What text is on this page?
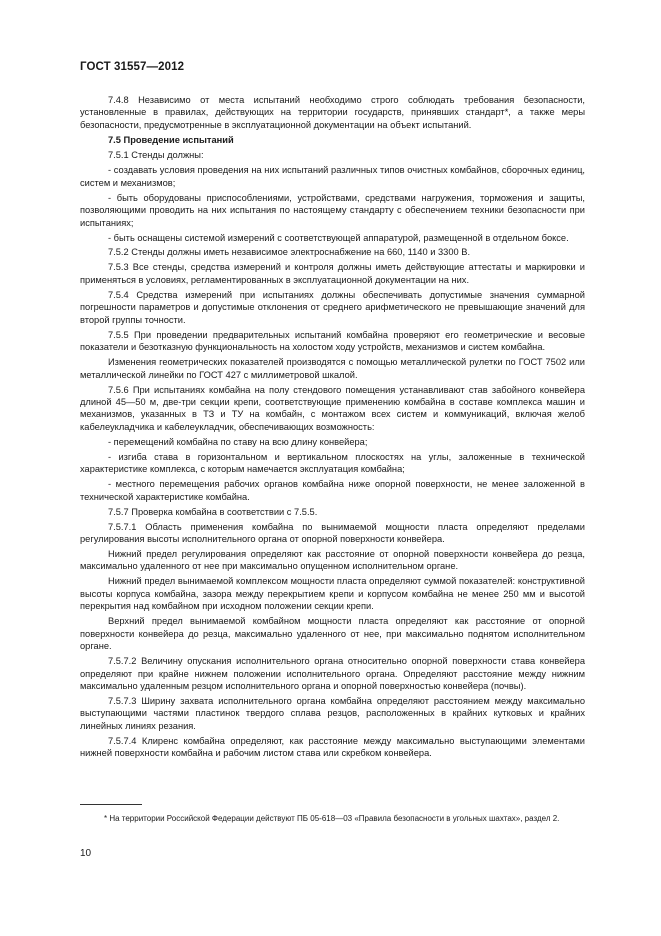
ГОСТ 31557—2012

7.4.8 Независимо от места испытаний необходимо строго соблюдать требования безопасности, установленные в правилах, действующих на территории государств, принявших стандарт*, а также меры безопасности, предусмотренные в эксплуатационной документации на объект испытаний.

7.5 Проведение испытаний

7.5.1 Стенды должны:

- создавать условия проведения на них испытаний различных типов очистных комбайнов, сборочных единиц, систем и механизмов;

- быть оборудованы приспособлениями, устройствами, средствами нагружения, торможения и защиты, позволяющими проводить на них испытания по настоящему стандарту с обеспечением техники безопасности при испытаниях;

- быть оснащены системой измерений с соответствующей аппаратурой, размещенной в отдельном боксе.

7.5.2 Стенды должны иметь независимое электроснабжение на 660, 1140 и 3300 В.

7.5.3 Все стенды, средства измерений и контроля должны иметь действующие аттестаты и маркировки и применяться в условиях, регламентированных в эксплуатационной документации на них.

7.5.4 Средства измерений при испытаниях должны обеспечивать допустимые значения суммарной погрешности параметров и допустимые отклонения от среднего арифметического не превышающие значений для второй группы точности.

7.5.5 При проведении предварительных испытаний комбайна проверяют его геометрические и весовые показатели и безотказную функциональность на холостом ходу устройств, механизмов и систем комбайна.

Изменения геометрических показателей производятся с помощью металлической рулетки по ГОСТ 7502 или металлической линейки по ГОСТ 427 с миллиметровой шкалой.

7.5.6 При испытаниях комбайна на полу стендового помещения устанавливают став забойного конвейера длиной 45—50 м, две-три секции крепи, соответствующие применению комбайна в составе комплекса машин и механизмов, указанных в ТЗ и ТУ на комбайн, с монтажом всех систем и коммуникаций, включая желоб кабелеукладчика и кабелеукладчик, обеспечивающих возможность:

- перемещений комбайна по ставу на всю длину конвейера;

- изгиба става в горизонтальном и вертикальном плоскостях на углы, заложенные в технической характеристике комплекса, с которым намечается эксплуатация комбайна;

- местного перемещения рабочих органов комбайна ниже опорной поверхности, не менее заложенной в технической характеристике комбайна.

7.5.7 Проверка комбайна в соответствии с 7.5.5.

7.5.7.1 Область применения комбайна по вынимаемой мощности пласта определяют пределами регулирования высоты исполнительного органа от опорной поверхности конвейера.

Нижний предел регулирования определяют как расстояние от опорной поверхности конвейера до резца, максимально удаленного от нее при максимально опущенном исполнительном органе.

Нижний предел вынимаемой комплексом мощности пласта определяют суммой показателей: конструктивной высоты корпуса комбайна, зазора между перекрытием крепи и корпусом комбайна не менее 250 мм и высотой перекрытия над комбайном при исходном положении секции крепи.

Верхний предел вынимаемой комбайном мощности пласта определяют как расстояние от опорной поверхности конвейера до резца, максимально удаленного от нее, при максимально поднятом исполнительном органе.

7.5.7.2 Величину опускания исполнительного органа относительно опорной поверхности става конвейера определяют при крайне нижнем положении исполнительного органа. Определяют расстояние между нижним максимально удаленным резцом исполнительного органа и опорной поверхностью конвейера (почвы).

7.5.7.3 Ширину захвата исполнительного органа комбайна определяют расстоянием между максимально выступающими частями пластинок твердого сплава резцов, расположенных в крайних кутковых и крайних линейных линиях резания.

7.5.7.4 Клиренс комбайна определяют, как расстояние между максимально выступающими элементами нижней поверхности комбайна и рабочим листом става или скребком конвейера.

* На территории Российской Федерации действуют ПБ 05-618—03 «Правила безопасности в угольных шахтах», раздел 2.
10
